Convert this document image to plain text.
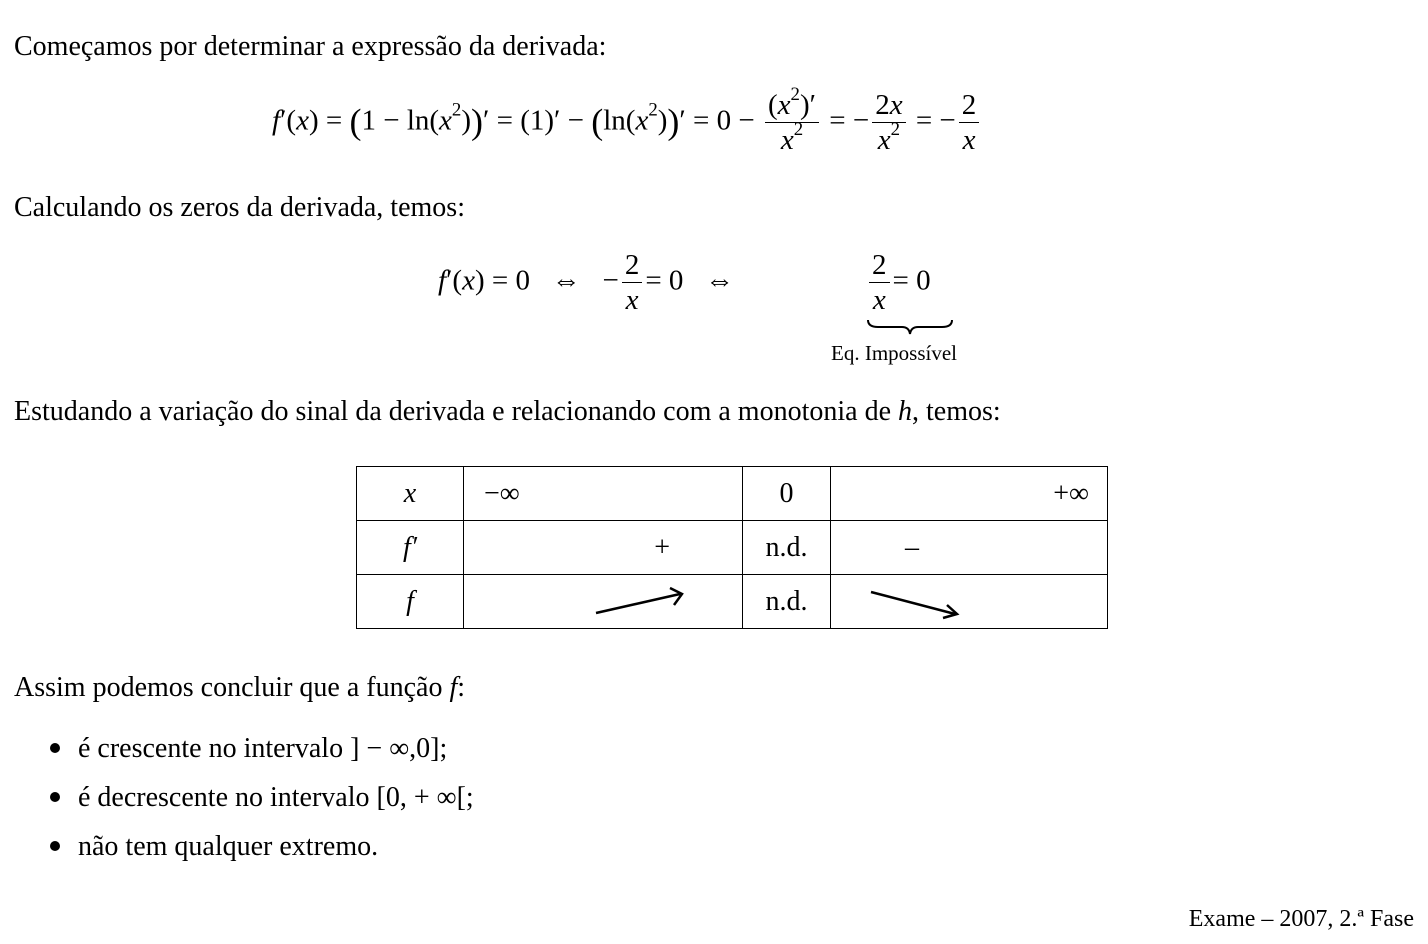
Começamos por determinar a expressão da derivada:
$f'(x) = (1 - \ln(x^2))' = (1)' - (\ln(x^2))' = 0 - \frac{(x^2)'}{x^2}$ = − $\frac{2x}{x^2}$ = − $\frac{2}{x}$
Calculando os zeros da derivada, temos:
f′(x) = 0   ⇔   − $\frac{2}{x} = 0$   ⇔	$\frac{2}{x} = 0$
Eq. Impossível
Estudando a variação do sinal da derivada e relacionando com a monotonia de h, temos:
x	−∞	0	+∞
f′	+	n.d.	–
f		n.d.	
Assim podemos concluir que a função f:
é crescente no intervalo ] − ∞,0];
é decrescente no intervalo [0, + ∞[;
não tem qualquer extremo.
Exame – 2007, 2.ª Fase
